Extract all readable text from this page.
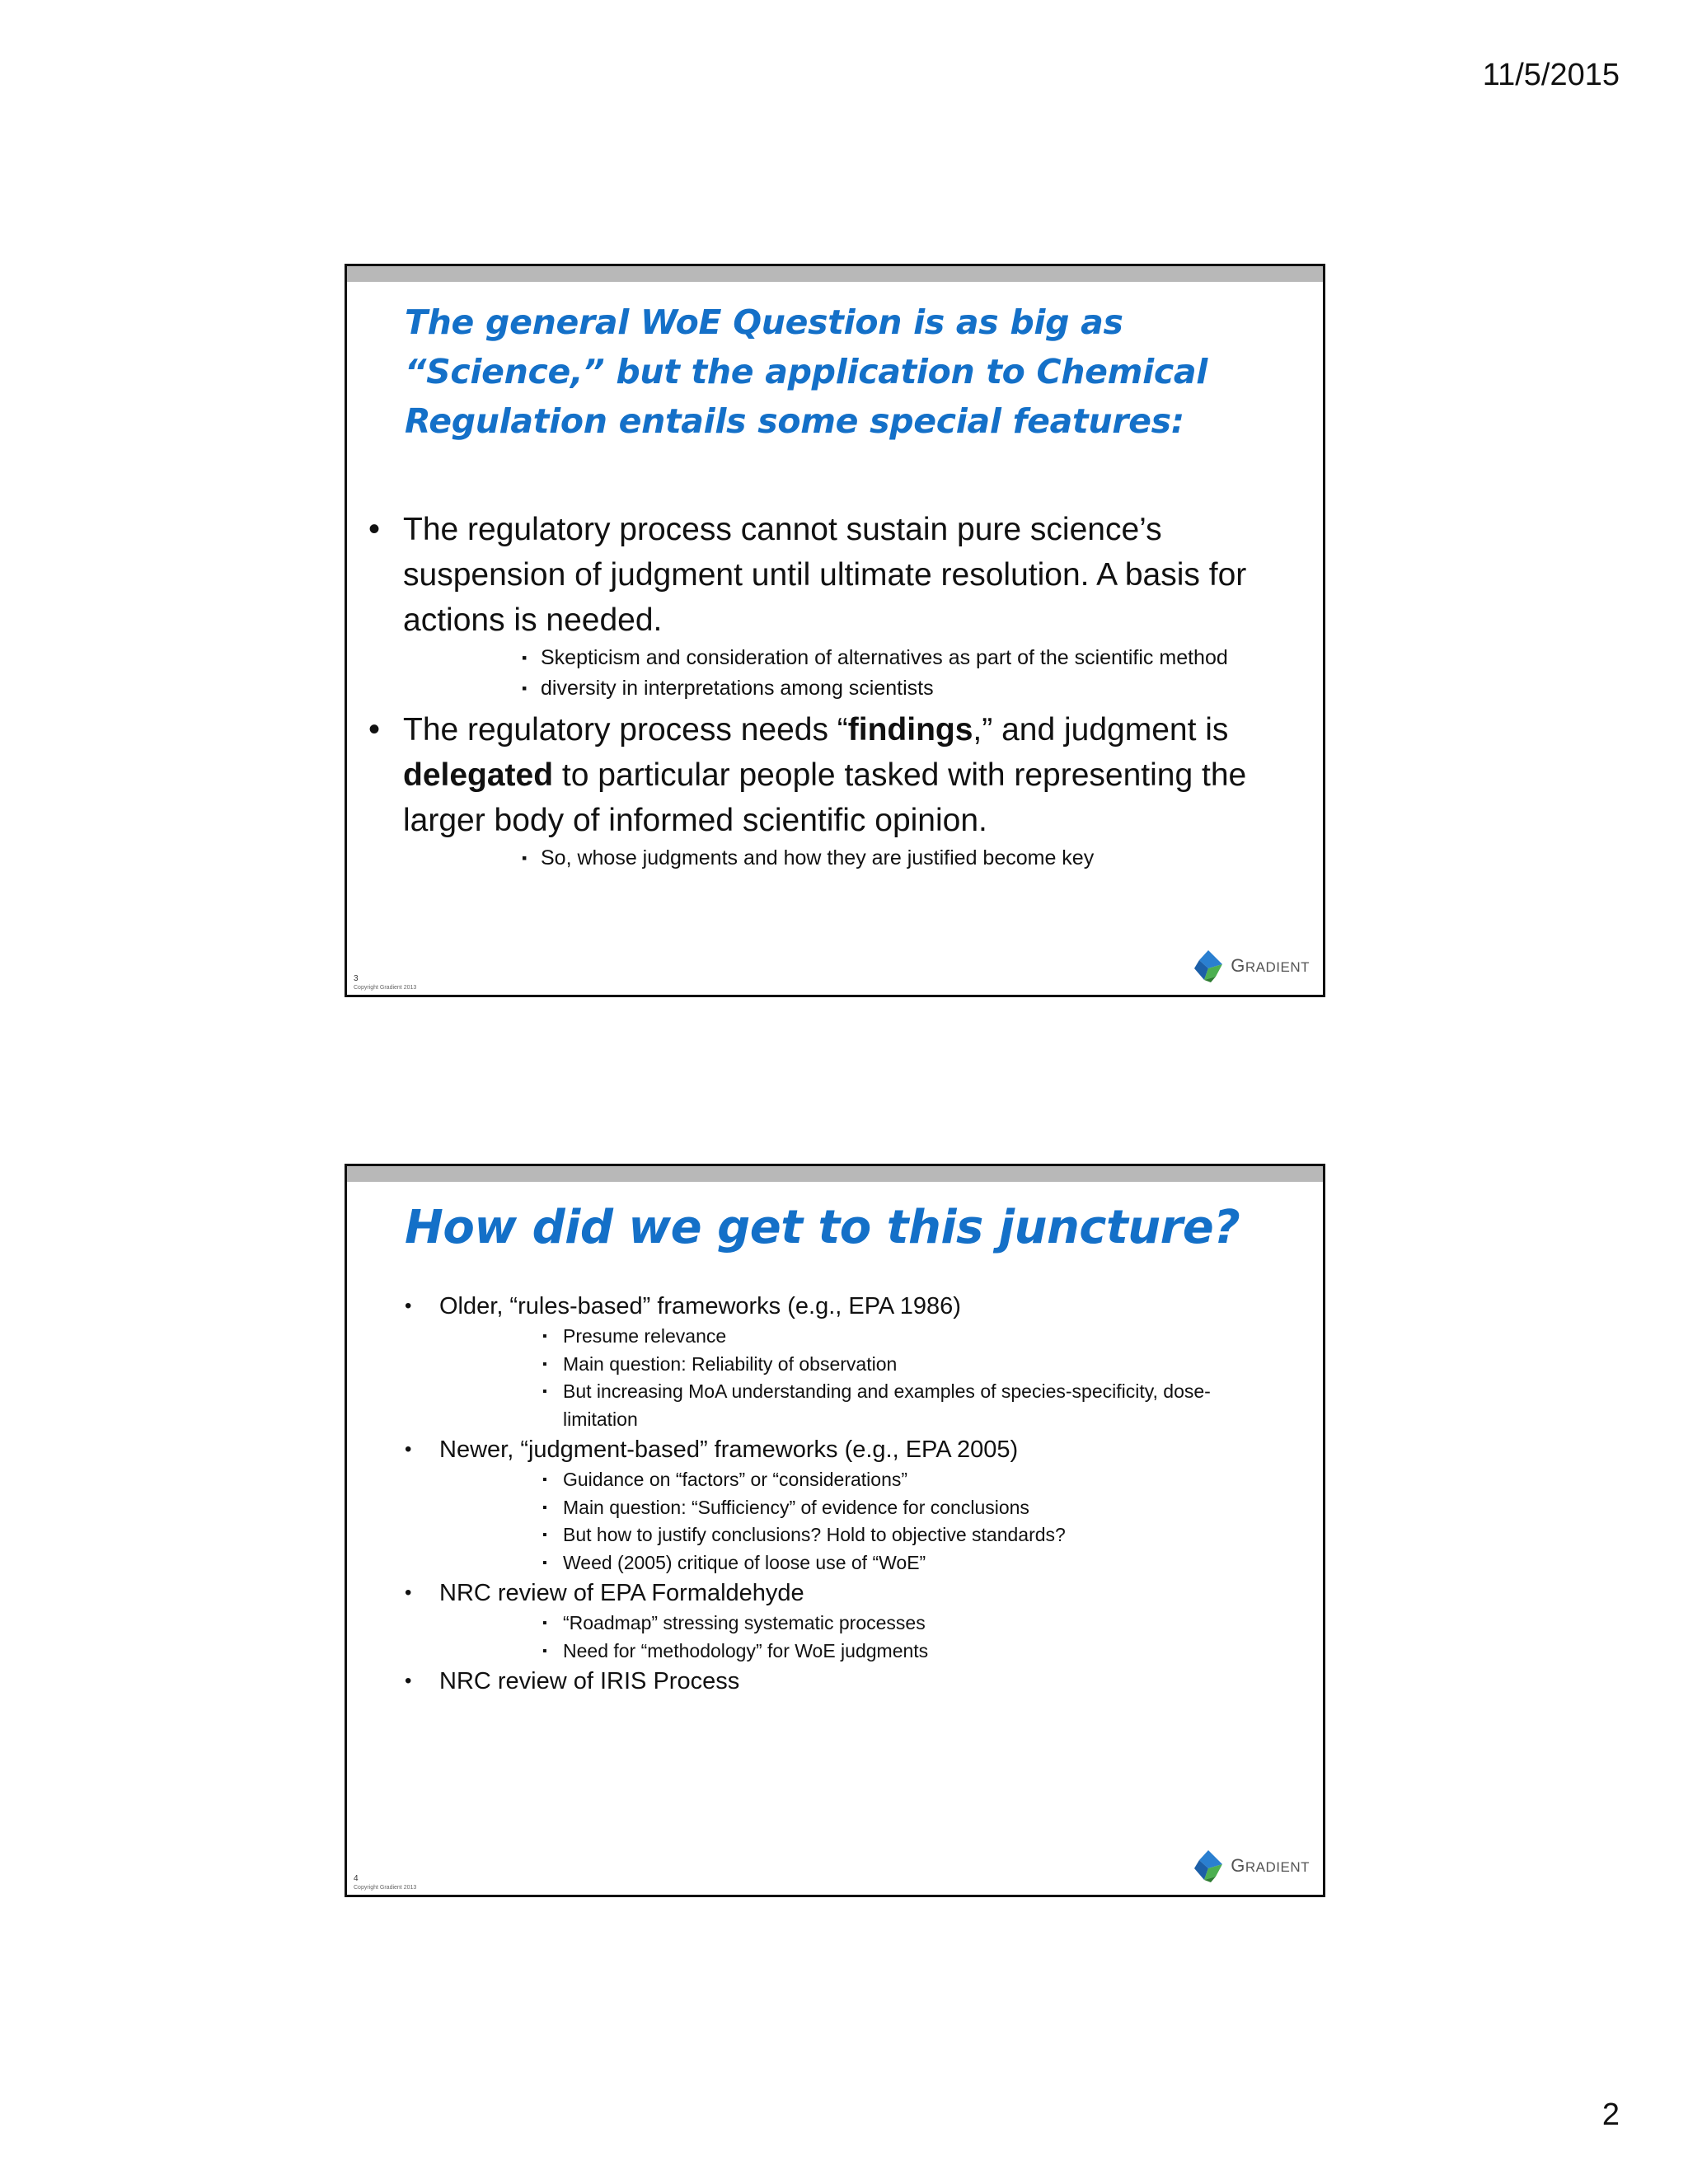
11/5/2015
The general WoE Question is as big as “Science,” but the application to Chemical Regulation entails some special features:
• The regulatory process cannot sustain pure science’s suspension of judgment until ultimate resolution. A basis for actions is needed.
▪ Skepticism and consideration of alternatives as part of the scientific method
▪ diversity in interpretations among scientists
• The regulatory process needs “findings,” and judgment is delegated to particular people tasked with representing the larger body of informed scientific opinion.
▪ So, whose judgments and how they are justified become key
3
Copyright Gradient 2013
GRADIENT
How did we get to this juncture?
• Older, “rules-based” frameworks (e.g., EPA 1986)
▪ Presume relevance
▪ Main question: Reliability of observation
▪ But increasing MoA understanding and examples of species-specificity, dose-limitation
• Newer, “judgment-based” frameworks (e.g., EPA 2005)
▪ Guidance on “factors” or “considerations”
▪ Main question: “Sufficiency” of evidence for conclusions
▪ But how to justify conclusions? Hold to objective standards?
▪ Weed (2005) critique of loose use of “WoE”
• NRC review of EPA Formaldehyde
▪ “Roadmap” stressing systematic processes
▪ Need for “methodology” for WoE judgments
• NRC review of IRIS Process
4
Copyright Gradient 2013
GRADIENT
2
